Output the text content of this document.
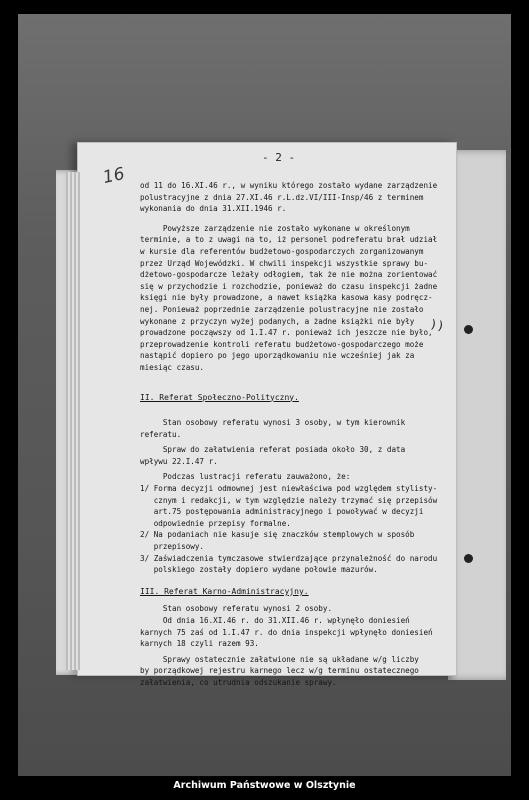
16
- 2 -
))
od 11 do 16.XI.46 r., w wyniku którego zostało wydane zarządzenie
polustracyjne z dnia 27.XI.46 r.L.dz.VI/III-Insp/46 z terminem
wykonania do dnia 31.XII.1946 r.
Powyższe zarządzenie nie zostało wykonane w określonym
terminie, a to z uwagi na to, iż personel podreferatu brał udział
w kursie dla referentów budżetowo-gospodarczych zorganizowanym
przez Urząd Wojewódzki. W chwili inspekcji wszystkie sprawy bu-
dżetowo-gospodarcze leżały odłogiem, tak że nie można zorientować
się w przychodzie i rozchodzie, ponieważ do czasu inspekcji żadne
księgi nie były prowadzone, a nawet książka kasowa kasy podręcz-
nej. Ponieważ poprzednie zarządzenie polustracyjne nie zostało
wykonane z przyczyn wyżej podanych, a żadne książki nie były
prowadzone począwszy od 1.I.47 r. ponieważ ich jeszcze nie było,
przeprowadzenie kontroli referatu budżetowo-gospodarczego może
nastąpić dopiero po jego uporządkowaniu nie wcześniej jak za
miesiąc czasu.
II. Referat Społeczno-Polityczny.
Stan osobowy referatu wynosi 3 osoby, w tym kierownik
referatu.
Spraw do załatwienia referat posiada około 30, z data
wpływu 22.I.47 r.
Podczas lustracji referatu zauważono, że:
1/ Forma decyzji odmownej jest niewłaściwa pod względem stylisty-
cznym i redakcji, w tym względzie należy trzymać się przepisów
art.75 postępowania administracyjnego i powoływać w decyzji
odpowiednie przepisy formalne.
2/ Na podaniach nie kasuje się znaczków stemplowych w sposób
przepisowy.
3/ Zaświadczenia tymczasowe stwierdzające przynależność do narodu
polskiego zostały dopiero wydane połowie mazurów.
III. Referat Karno-Administracyjny.
Stan osobowy referatu wynosi 2 osoby.
Od dnia 16.XI.46 r. do 31.XII.46 r. wpłynęło doniesień
karnych 75 zaś od 1.I.47 r. do dnia inspekcji wpłynęło doniesień
karnych 18 czyli razem 93.
Sprawy ostatecznie załatwione nie są układane w/g liczby
by porządkowej rejestru karnego lecz w/g terminu ostatecznego
załatwienia, co utrudnia odszukanie sprawy.
Archiwum Państwowe w Olsztynie
